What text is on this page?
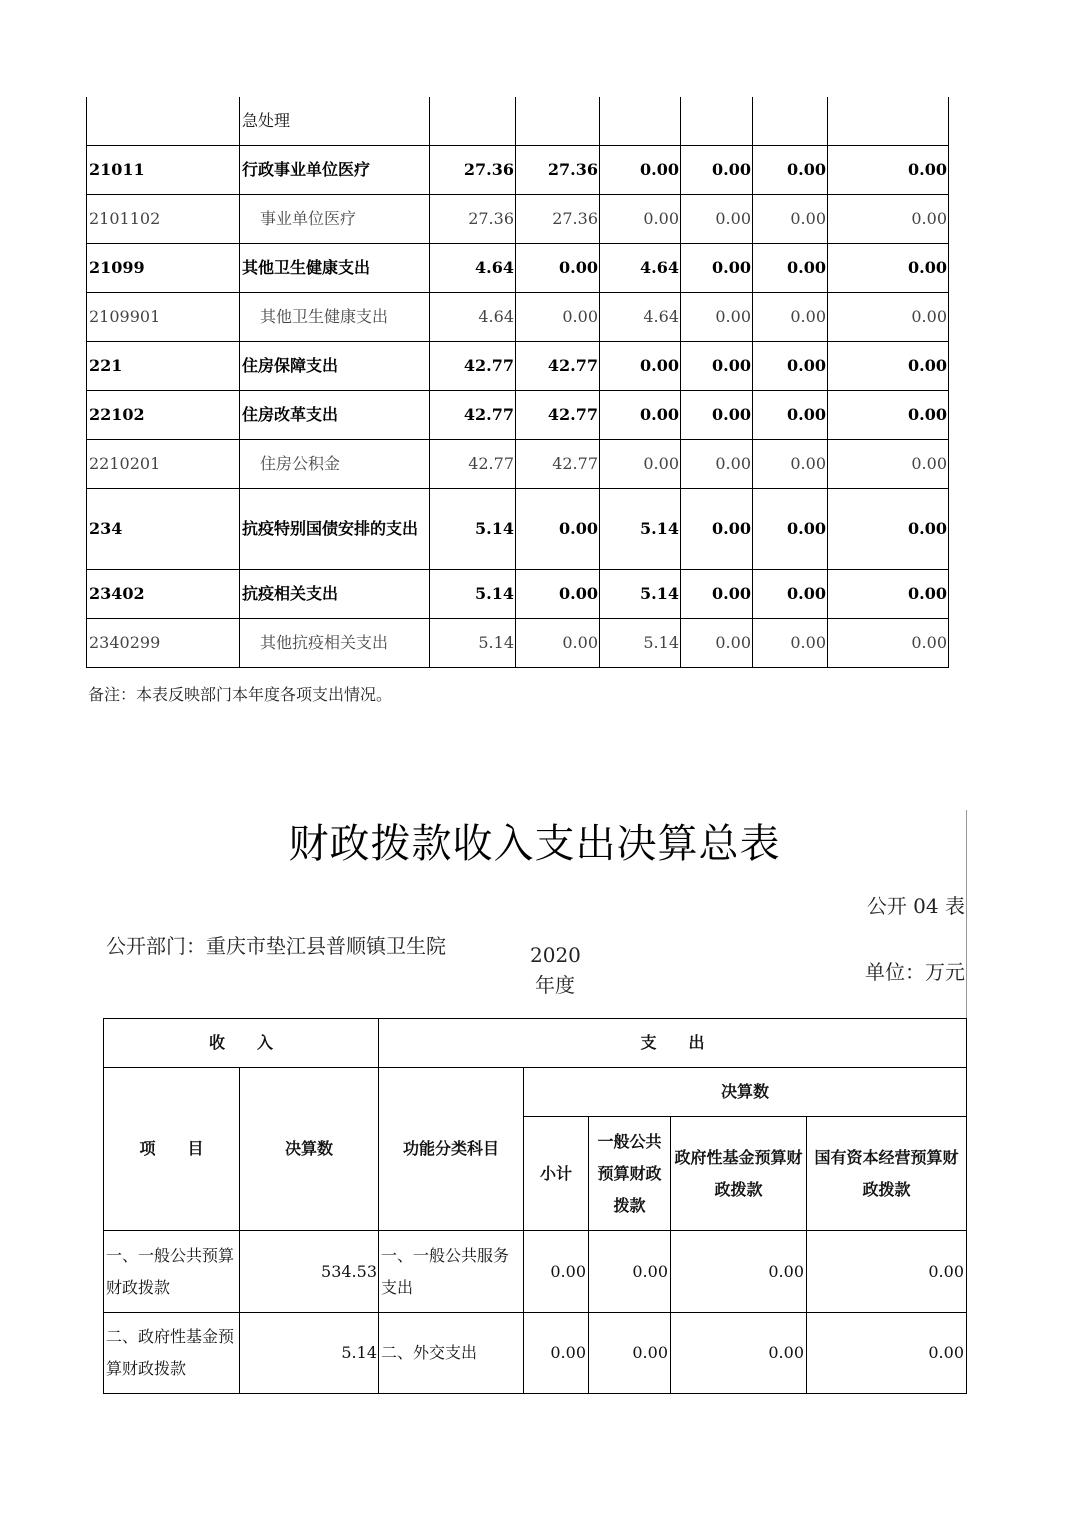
	急处理						
21011	行政事业单位医疗	27.36	27.36	0.00	0.00	0.00	0.00
2101102	事业单位医疗	27.36	27.36	0.00	0.00	0.00	0.00
21099	其他卫生健康支出	4.64	0.00	4.64	0.00	0.00	0.00
2109901	其他卫生健康支出	4.64	0.00	4.64	0.00	0.00	0.00
221	住房保障支出	42.77	42.77	0.00	0.00	0.00	0.00
22102	住房改革支出	42.77	42.77	0.00	0.00	0.00	0.00
2210201	住房公积金	42.77	42.77	0.00	0.00	0.00	0.00
234	抗疫特别国债安排的支出	5.14	0.00	5.14	0.00	0.00	0.00
23402	抗疫相关支出	5.14	0.00	5.14	0.00	0.00	0.00
2340299	其他抗疫相关支出	5.14	0.00	5.14	0.00	0.00	0.00
备注：本表反映部门本年度各项支出情况。
财政拨款收入支出决算总表
公开 04 表
公开部门：重庆市垫江县普顺镇卫生院	2020 年度
单位：万元
收　　入		支　　出				
项　　目	决算数	功能分类科目	决算数			
			小计	一般公共预算财政拨款	政府性基金预算财政拨款	国有资本经营预算财政拨款
一、一般公共预算财政拨款	534.53	一、一般公共服务支出	0.00	0.00	0.00	0.00
二、政府性基金预算财政拨款	5.14	二、外交支出	0.00	0.00	0.00	0.00
